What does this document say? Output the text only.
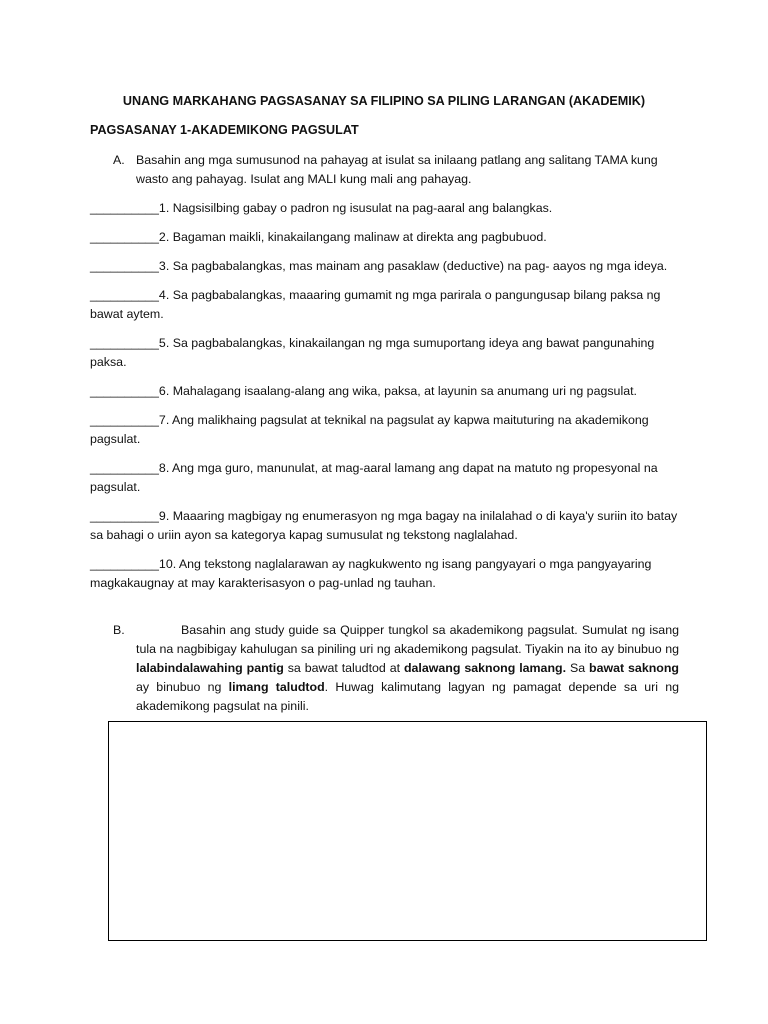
UNANG MARKAHANG PAGSASANAY SA FILIPINO SA PILING LARANGAN (AKADEMIK)
PAGSASANAY 1-AKADEMIKONG PAGSULAT
A. Basahin ang mga sumusunod na pahayag at isulat sa inilaang patlang ang salitang TAMA kung wasto ang pahayag. Isulat ang MALI kung mali ang pahayag.
__________1. Nagsisilbing gabay o padron ng isusulat na pag-aaral ang balangkas.
__________2. Bagaman maikli, kinakailangang malinaw at direkta ang pagbubuod.
__________3. Sa pagbabalangkas, mas mainam ang pasaklaw (deductive) na pag- aayos ng mga ideya.
__________4. Sa pagbabalangkas, maaaring gumamit ng mga parirala o pangungusap bilang paksa ng bawat aytem.
__________5. Sa pagbabalangkas, kinakailangan ng mga sumuportang ideya ang bawat pangunahing paksa.
__________6. Mahalagang isaalang-alang ang wika, paksa, at layunin sa anumang uri ng pagsulat.
__________7. Ang malikhaing pagsulat at teknikal na pagsulat ay kapwa maituturing na akademikong pagsulat.
__________8. Ang mga guro, manunulat, at mag-aaral lamang ang dapat na matuto ng propesyonal na pagsulat.
__________9. Maaaring magbigay ng enumerasyon ng mga bagay na inilalahad o di kaya'y suriin ito batay sa bahagi o uriin ayon sa kategorya kapag sumusulat ng tekstong naglalahad.
__________10. Ang tekstong naglalarawan ay nagkukwento ng isang pangyayari o mga pangyayaring magkakaugnay at may karakterisasyon o pag-unlad ng tauhan.
B.	Basahin ang study guide sa Quipper tungkol sa akademikong pagsulat. Sumulat ng isang tula na nagbibigay kahulugan sa piniling uri ng akademikong pagsulat. Tiyakin na ito ay binubuo ng lalabindalawahing pantig sa bawat taludtod at dalawang saknong lamang. Sa bawat saknong ay binubuo ng limang taludtod. Huwag kalimutang lagyan ng pamagat depende sa uri ng akademikong pagsulat na pinili.
